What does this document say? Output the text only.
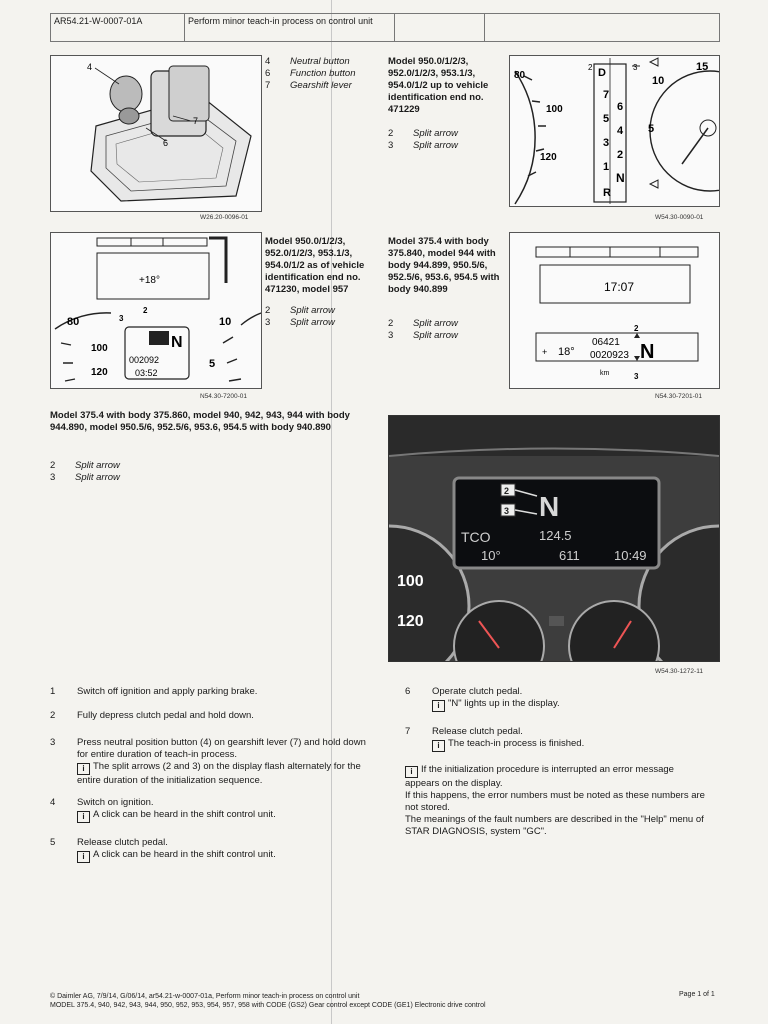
AR54.21-W-0007-01A	Perform minor teach-in process on control unit
4
7
6
W26.20-0096-01
4 Neutral button
6 Function button
7 Gearshift lever
Model 950.0/1/2/3, 952.0/1/2/3, 953.1/3, 954.0/1/2 up to vehicle identification end no. 471229
2 Split arrow
3 Split arrow
80
100
120
D
7
6
5
4
3
2
1
N
R
2	3	15
10
5
W54.30-0090-01
+18°
80
100
120
N
002092
03:52
2
3	10
5
N54.30-7200-01
Model 950.0/1/2/3, 952.0/1/2/3, 953.1/3, 954.0/1/2 as of vehicle identification end no. 471230, model 957
2 Split arrow
3 Split arrow
Model 375.4 with body 375.840, model 944 with body 944.899, 950.5/6, 952.5/6, 953.6, 954.5 with body 940.899
2 Split arrow
3 Split arrow
17:07
+ 18°
06421
0020923 N
km
2
3
N54.30-7201-01
Model 375.4 with body 375.860, model 940, 942, 943, 944 with body 944.890, model 950.5/6, 952.5/6, 953.6, 954.5 with body 940.890
2 Split arrow
3 Split arrow
100
120
N
2
3
TCO	124.5
10°	611	10:49
W54.30-1272-11
1 Switch off ignition and apply parking brake.
2 Fully depress clutch pedal and hold down.
3 Press neutral position button (4) on gearshift lever (7) and hold down for entire duration of teach-in process.
i The split arrows (2 and 3) on the display flash alternately for the entire duration of the initialization sequence.
4 Switch on ignition.
i A click can be heard in the shift control unit.
5 Release clutch pedal.
i A click can be heard in the shift control unit.
6 Operate clutch pedal.
i "N" lights up in the display.
7 Release clutch pedal.
i The teach-in process is finished.
i If the initialization procedure is interrupted an error message appears on the display.
If this happens, the error numbers must be noted as these numbers are not stored.
The meanings of the fault numbers are described in the "Help" menu of STAR DIAGNOSIS, system "GC".
© Daimler AG, 7/9/14, G/06/14, ar54.21-w-0007-01a, Perform minor teach-in process on control unit
MODEL 375.4, 940, 942, 943, 944, 950, 952, 953, 954, 957, 958 with CODE (GS2) Gear control except CODE (GE1) Electronic drive control
Page 1 of 1
